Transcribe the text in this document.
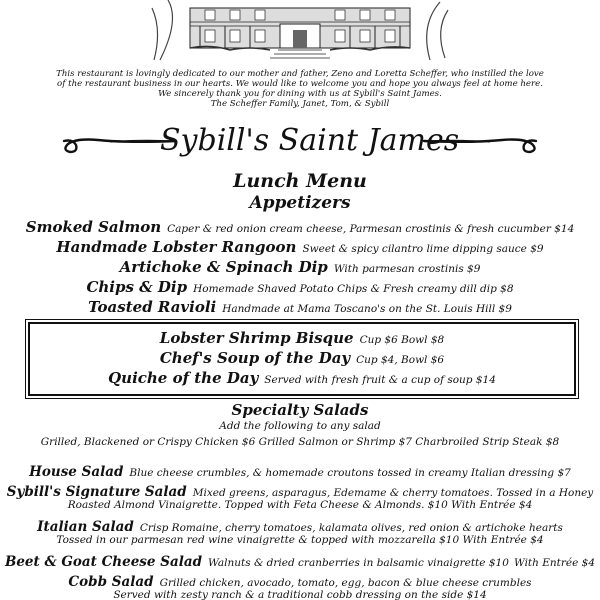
This restaurant is lovingly dedicated to our mother and father, Zeno and Loretta Scheffer, who instilled the love
of the restaurant business in our hearts. We would like to welcome you and hope you always feel at home here.
We sincerely thank you for dining with us at Sybill's Saint James.
The Scheffer Family, Janet, Tom, & Sybill
Sybill's Saint James
Lunch Menu
Appetizers
Smoked Salmon Caper & red onion cream cheese, Parmesan crostinis & fresh cucumber $14
Handmade Lobster Rangoon Sweet & spicy cilantro lime dipping sauce $9
Artichoke & Spinach Dip With parmesan crostinis $9
Chips & Dip Homemade Shaved Potato Chips & Fresh creamy dill dip $8
Toasted Ravioli Handmade at Mama Toscano's on the St. Louis Hill $9
Lobster Shrimp Bisque Cup $6 Bowl $8
Chef's Soup of the Day Cup $4, Bowl $6
Quiche of the Day Served with fresh fruit & a cup of soup $14
Specialty Salads
Add the following to any salad
Grilled, Blackened or Crispy Chicken $6 Grilled Salmon or Shrimp $7 Charbroiled Strip Steak $8
House Salad Blue cheese crumbles, & homemade croutons tossed in creamy Italian dressing $7
Sybill's Signature Salad Mixed greens, asparagus, Edemame & cherry tomatoes. Tossed in a Honey
Roasted Almond Vinaigrette. Topped with Feta Cheese & Almonds. $10 With Entrée $4
Italian Salad Crisp Romaine, cherry tomatoes, kalamata olives, red onion & artichoke hearts
Tossed in our parmesan red wine vinaigrette & topped with mozzarella $10 With Entrée $4
Beet & Goat Cheese Salad Walnuts & dried cranberries in balsamic vinaigrette $10 With Entrée $4
Cobb Salad Grilled chicken, avocado, tomato, egg, bacon & blue cheese crumbles
Served with zesty ranch & a traditional cobb dressing on the side $14
